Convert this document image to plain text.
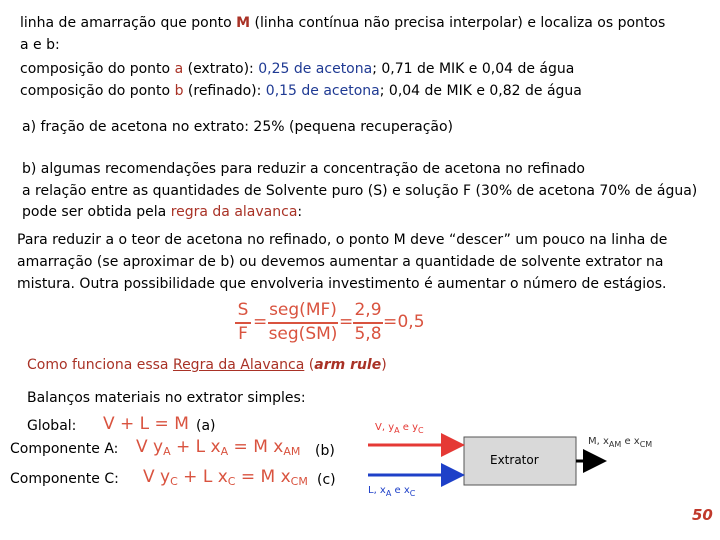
linha de amarração que ponto M (linha contínua não precisa interpolar) e localiza os pontos
a e b:
composição do ponto a (extrato): 0,25 de acetona; 0,71 de MIK e 0,04 de água
composição do ponto b (refinado): 0,15 de acetona; 0,04 de MIK e 0,82 de água
a) fração de acetona no extrato: 25% (pequena recuperação)
b) algumas recomendações para reduzir a concentração de acetona no refinado
a relação entre as quantidades de Solvente puro (S) e solução F (30% de acetona 70% de água)
pode ser obtida pela regra da alavanca:
Para reduzir a o teor de acetona no refinado, o ponto M deve “descer” um pouco na linha de
amarração (se aproximar de b) ou devemos aumentar a quantidade de solvente extrator na
mistura. Outra possibilidade que envolveria investimento é aumentar o número de estágios.
S
F
=
seg(MF)
seg(SM)
=
2,9
5,8
= 0,5
Como funciona essa Regra da Alavanca (arm rule)
Balanços materiais no extrator simples:
Global: V + L = M (a)
Componente A: V $y_A + L$ $x_A = M$ $x_{AM}$ (b)
Componente C: V $y_C + L$ $x_C = M$ $x_{CM}$ (c)
Extrator
V, $y_A$ e $y_C$
M, $x_{AM}$ e $x_{CM}$
L, $x_A$ e $x_C$
50
